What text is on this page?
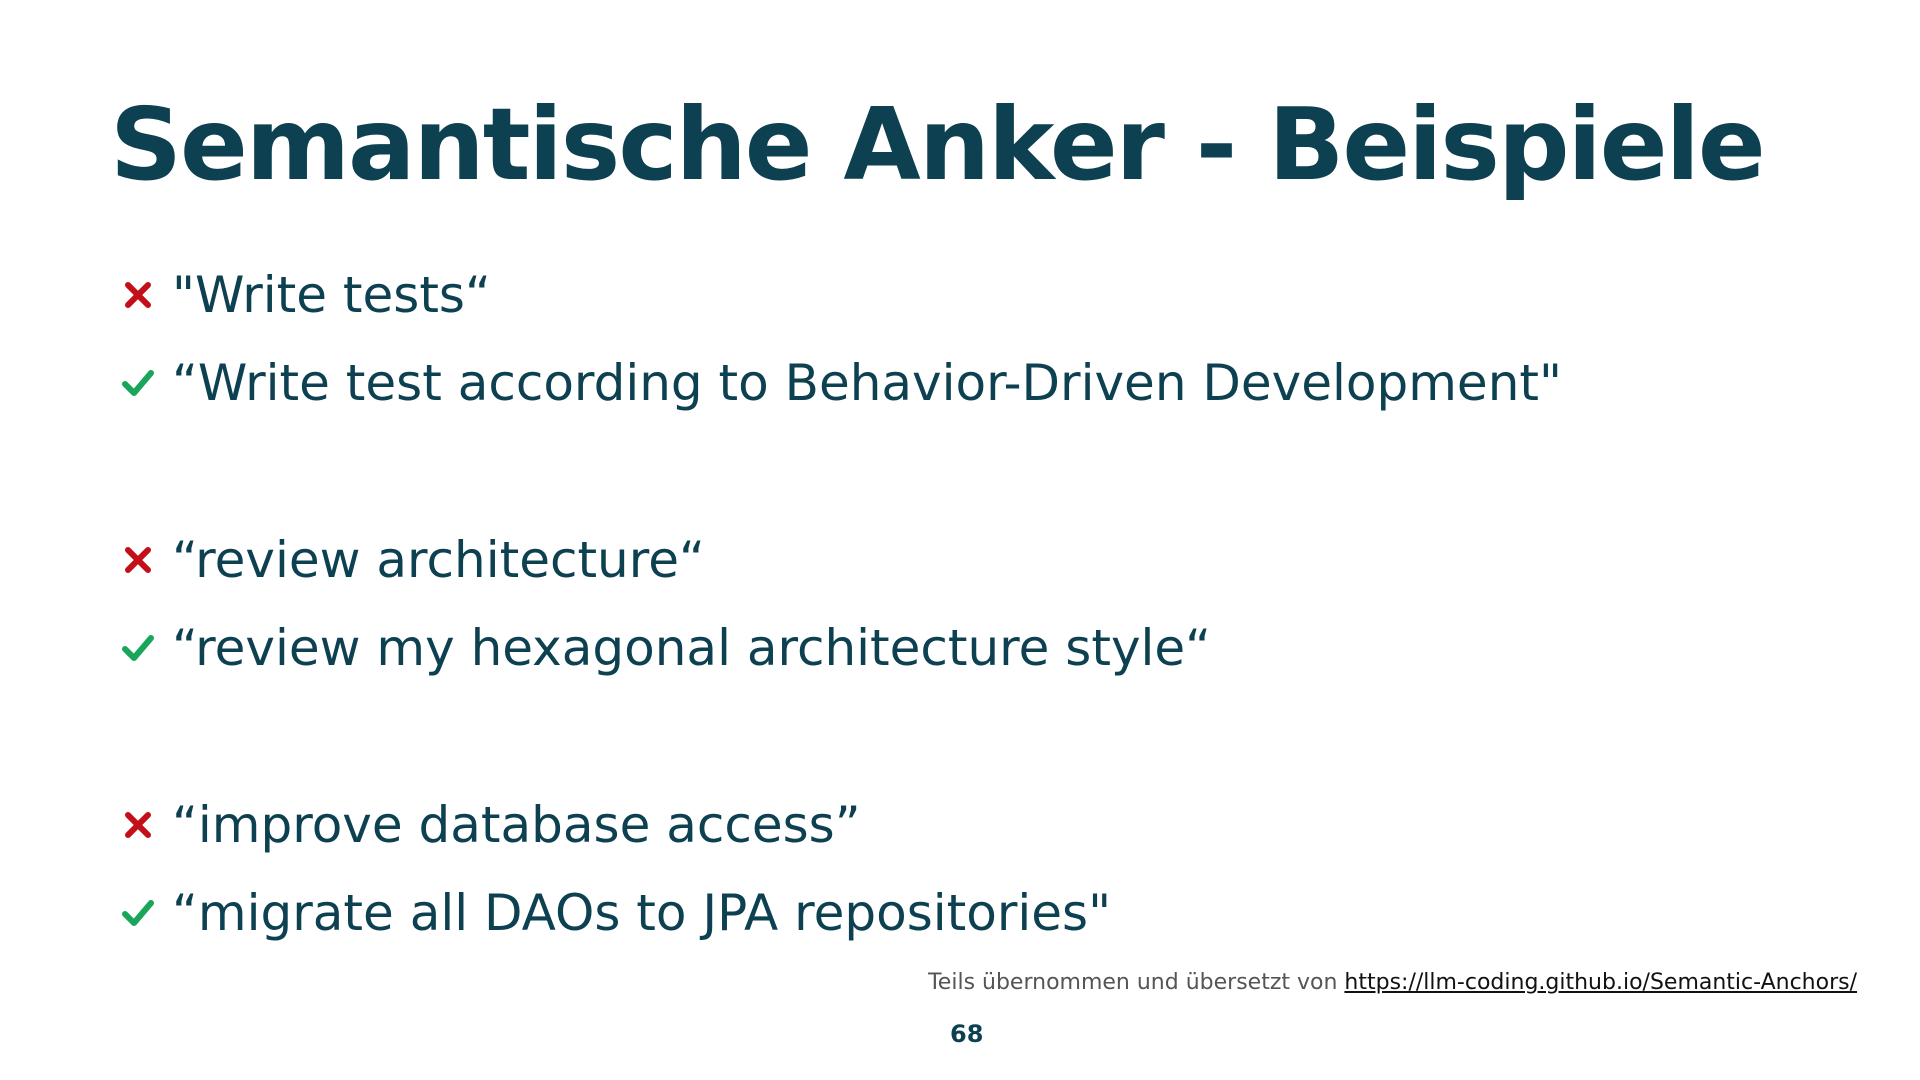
Semantische Anker - Beispiele
"Write tests“
“Write test according to Behavior-Driven Development"
“review architecture“
“review my hexagonal architecture style“
“improve database access”
“migrate all DAOs to JPA repositories"
Teils übernommen und übersetzt von https://llm-coding.github.io/Semantic-Anchors/
68
